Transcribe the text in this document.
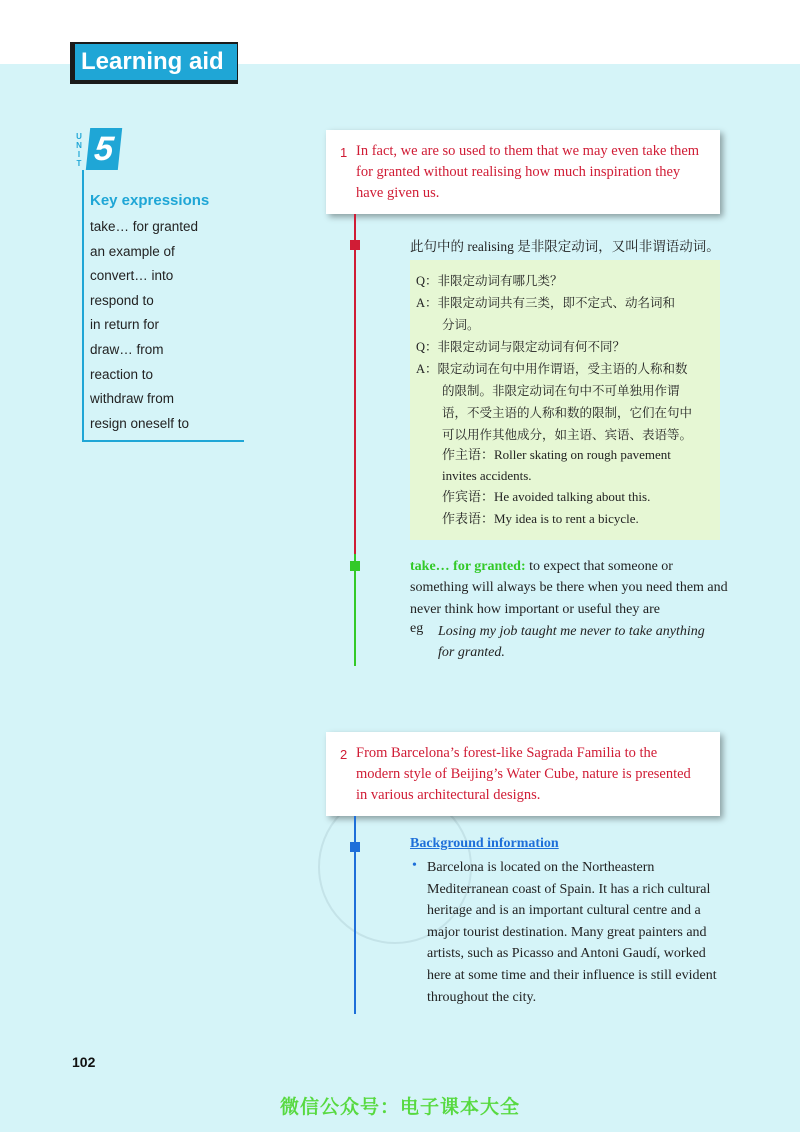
Learning aid
U
N
I
T 5
Key expressions
take… for granted
an example of
convert… into
respond to
in return for
draw… from
reaction to
withdraw from
resign oneself to
1 In fact, we are so used to them that we may even take them for granted without realising how much inspiration they have given us.
此句中的 realising 是非限定动词，又叫非谓语动词。
Q：非限定动词有哪几类？
A：非限定动词共有三类，即不定式、动名词和
分词。
Q：非限定动词与限定动词有何不同？
A：限定动词在句中用作谓语，受主语的人称和数
的限制。非限定动词在句中不可单独用作谓
语，不受主语的人称和数的限制，它们在句中
可以用作其他成分，如主语、宾语、表语等。
作主语：Roller skating on rough pavement
invites accidents.
作宾语：He avoided talking about this.
作表语：My idea is to rent a bicycle.
take… for granted: to expect that someone or something will always be there when you need them and never think how important or useful they are
eg Losing my job taught me never to take anything for granted.
2 From Barcelona’s forest-like Sagrada Familia to the modern style of Beijing’s Water Cube, nature is presented in various architectural designs.
Background information
• Barcelona is located on the Northeastern Mediterranean coast of Spain. It has a rich cultural heritage and is an important cultural centre and a major tourist destination. Many great painters and artists, such as Picasso and Antoni Gaudí, worked here at some time and their influence is still evident throughout the city.
102
微信公众号：电子课本大全
